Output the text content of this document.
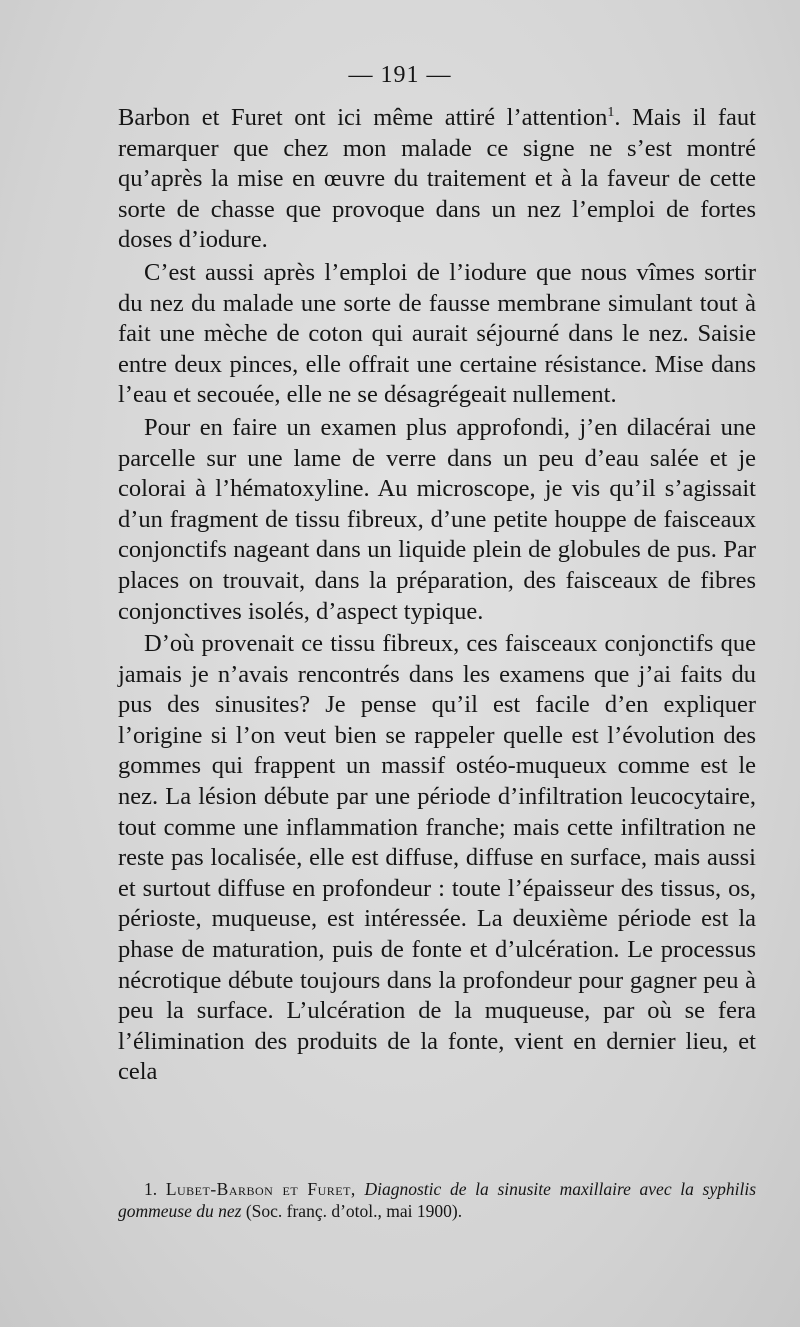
— 191 —

Barbon et Furet ont ici même attiré l’attention$^1$. Mais il faut remarquer que chez mon malade ce signe ne s’est montré qu’après la mise en œuvre du traitement et à la faveur de cette sorte de chasse que provoque dans un nez l’emploi de fortes doses d’iodure.

C’est aussi après l’emploi de l’iodure que nous vîmes sortir du nez du malade une sorte de fausse membrane simulant tout à fait une mèche de coton qui aurait séjourné dans le nez. Saisie entre deux pinces, elle offrait une certaine résistance. Mise dans l’eau et secouée, elle ne se désagrégeait nullement.

Pour en faire un examen plus approfondi, j’en dilacérai une parcelle sur une lame de verre dans un peu d’eau salée et je colorai à l’hématoxyline. Au microscope, je vis qu’il s’agissait d’un fragment de tissu fibreux, d’une petite houppe de faisceaux conjonctifs nageant dans un liquide plein de globules de pus. Par places on trouvait, dans la préparation, des faisceaux de fibres conjonctives isolés, d’aspect typique.

D’où provenait ce tissu fibreux, ces faisceaux conjonctifs que jamais je n’avais rencontrés dans les examens que j’ai faits du pus des sinusites? Je pense qu’il est facile d’en expliquer l’origine si l’on veut bien se rappeler quelle est l’évolution des gommes qui frappent un massif ostéo-muqueux comme est le nez. La lésion débute par une période d’infiltration leucocytaire, tout comme une inflammation franche; mais cette infiltration ne reste pas localisée, elle est diffuse, diffuse en surface, mais aussi et surtout diffuse en profondeur : toute l’épaisseur des tissus, os, périoste, muqueuse, est intéressée. La deuxième période est la phase de maturation, puis de fonte et d’ulcération. Le processus nécrotique débute toujours dans la profondeur pour gagner peu à peu la surface. L’ulcération de la muqueuse, par où se fera l’élimination des produits de la fonte, vient en dernier lieu, et cela

1. Lubet-Barbon et Furet, Diagnostic de la sinusite maxillaire avec la syphilis gommeuse du nez (Soc. franç. d’otol., mai 1900).
